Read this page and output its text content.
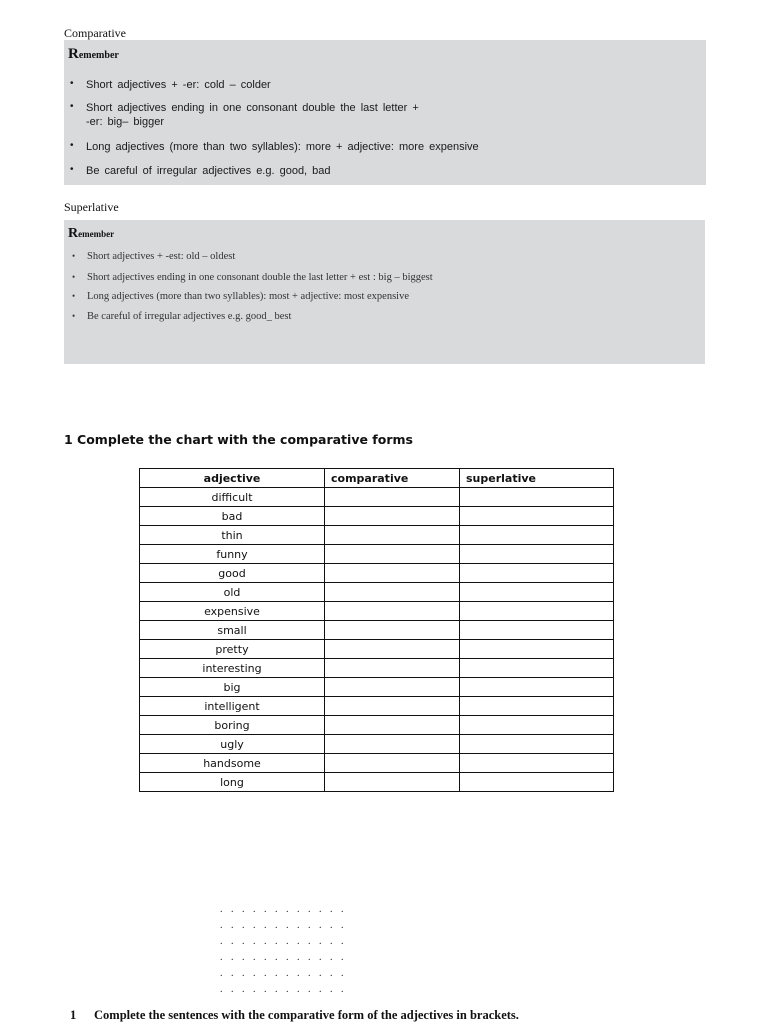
Comparative
Remember
• Short adjectives + -er: cold – colder
• Short adjectives ending in one consonant double the last letter +
-er: big– bigger
• Long adjectives (more than two syllables): more + adjective: more expensive
• Be careful of irregular adjectives e.g. good, bad
Superlative
Remember
• Short adjectives + -est: old – oldest
• Short adjectives ending in one consonant double the last letter + est : big – biggest
• Long adjectives (more than two syllables): most + adjective: most expensive
• Be careful of irregular adjectives e.g. good_ best
1 Complete the chart with the comparative forms
adjective	comparative	superlative
difficult		
bad		
thin		
funny		
good		
old		
expensive		
small		
pretty		
interesting		
big		
intelligent		
boring		
ugly		
handsome		
long		
. . . . . . . . . . . .
. . . . . . . . . . . .
. . . . . . . . . . . .
. . . . . . . . . . . .
. . . . . . . . . . . .
. . . . . . . . . . . .
1 Complete the sentences with the comparative form of the adjectives in brackets.
